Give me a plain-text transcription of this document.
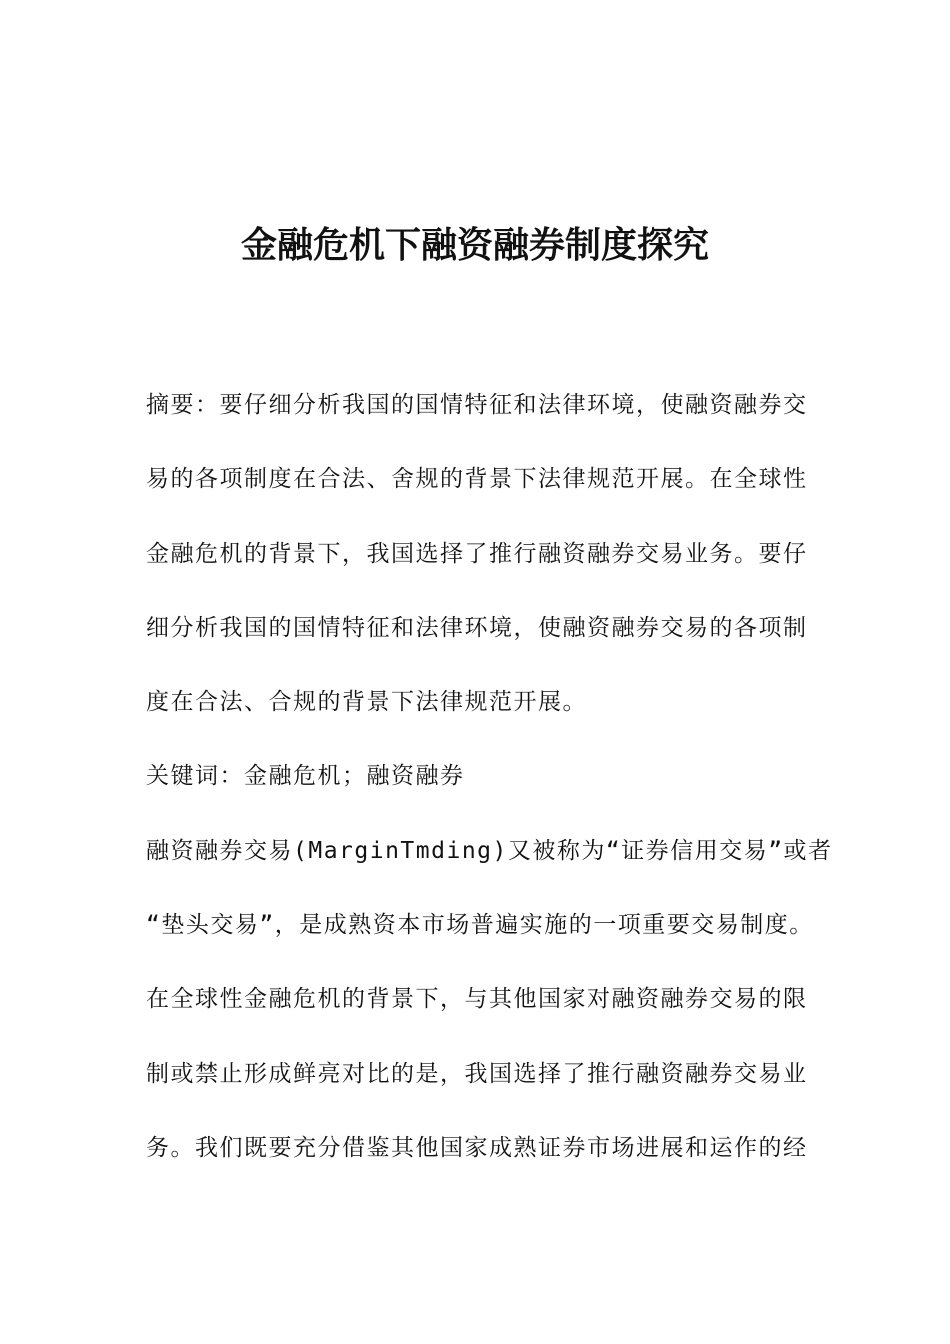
金融危机下融资融券制度探究
摘要：要仔细分析我国的国情特征和法律环境，使融资融券交
易的各项制度在合法、舍规的背景下法律规范开展。在全球性
金融危机的背景下，我国选择了推行融资融券交易业务。要仔
细分析我国的国情特征和法律环境，使融资融券交易的各项制
度在合法、合规的背景下法律规范开展。
关键词：金融危机；融资融券
融资融券交易(MarginTmding)又被称为“证券信用交易”或者
“垫头交易”，是成熟资本市场普遍实施的一项重要交易制度。
在全球性金融危机的背景下，与其他国家对融资融券交易的限
制或禁止形成鲜亮对比的是，我国选择了推行融资融券交易业
务。我们既要充分借鉴其他国家成熟证券市场进展和运作的经
